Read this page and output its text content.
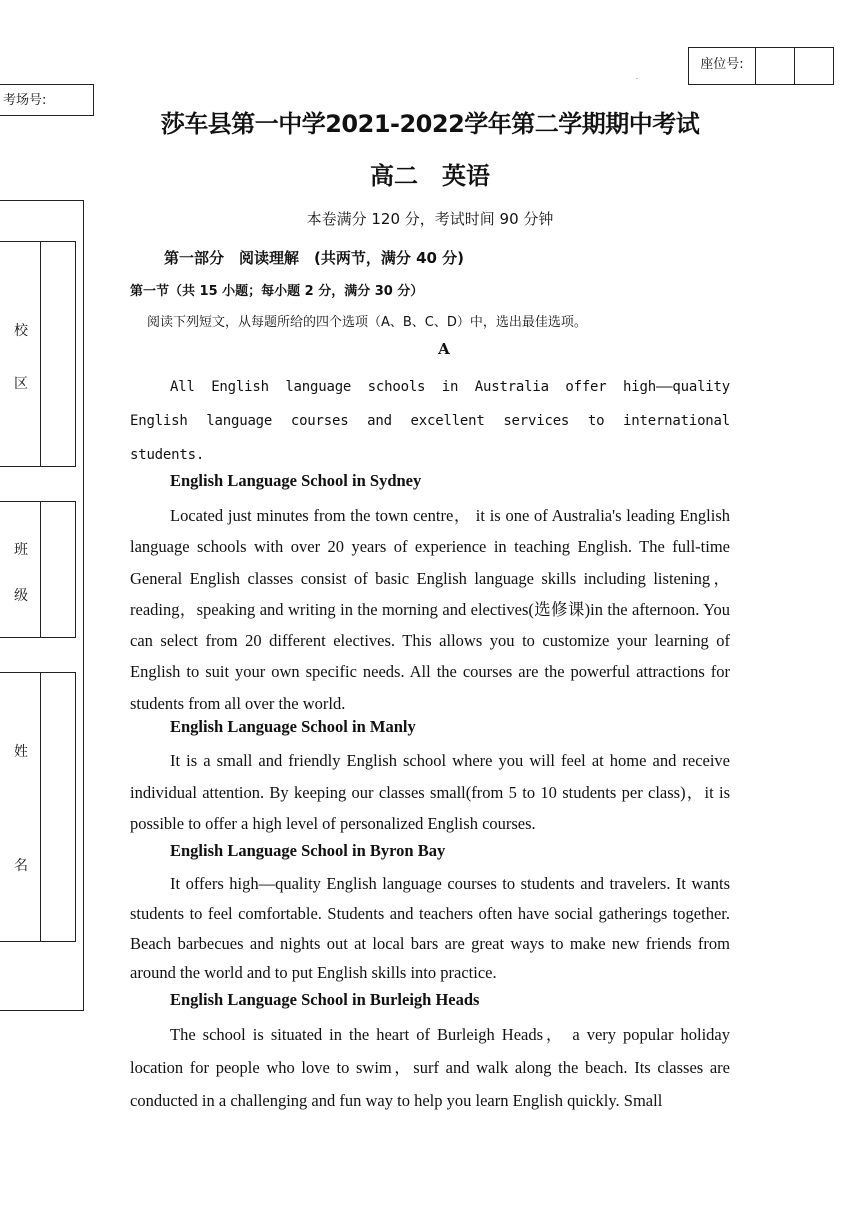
座位号:
.
考场号:
校
区
班
级
姓
名
莎车县第一中学2021-2022学年第二学期期中考试
高二　英语
本卷满分 120 分，考试时间 90 分钟
第一部分　阅读理解　(共两节，满分 40 分)
第一节（共 15 小题；每小题 2 分，满分 30 分）
阅读下列短文，从每题所给的四个选项（A、B、C、D）中，选出最佳选项。
A

All English language schools in Australia offer high——quality English language courses and excellent services to international students.

English Language School in Sydney

Located just minutes from the town centre， it is one of Australia's leading English language schools with over 20 years of experience in teaching English. The full-time General English classes consist of basic English language skills including listening，reading，speaking and writing in the morning and electives(选修课)in the afternoon. You can select from 20 different electives. This allows you to customize your learning of English to suit your own specific needs. All the courses are the powerful attractions for students from all over the world.

English Language School in Manly

It is a small and friendly English school where you will feel at home and receive individual attention. By keeping our classes small(from 5 to 10 students per class)，it is possible to offer a high level of personalized English courses.

English Language School in Byron Bay

It offers high—quality English language courses to students and travelers. It wants students to feel comfortable. Students and teachers often have social gatherings together. Beach barbecues and nights out at local bars are great ways to make new friends from around the world and to put English skills into practice.

English Language School in Burleigh Heads

The school is situated in the heart of Burleigh Heads， a very popular holiday location for people who love to swim，surf and walk along the beach. Its classes are conducted in a challenging and fun way to help you learn English quickly. Small
